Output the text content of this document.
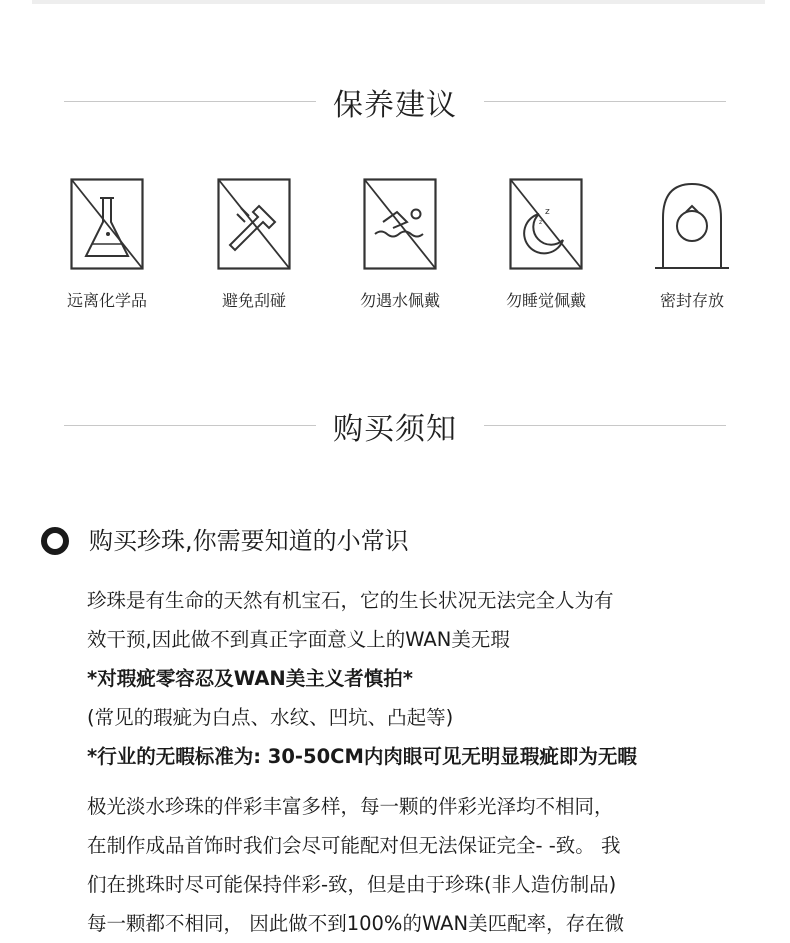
保养建议
远离化学品	避免刮碰	勿遇水佩戴
z
z
勿睡觉佩戴	密封存放
购买须知
购买珍珠,你需要知道的小常识
珍珠是有生命的天然有机宝石，它的生长状况无法完全人为有
效干预,因此做不到真正字面意义上的WAN美无瑕
*对瑕疵零容忍及WAN美主义者慎拍*
(常见的瑕疵为白点、水纹、凹坑、凸起等)
*行业的无暇标准为: 30-50CM内肉眼可见无明显瑕疵即为无暇
极光淡水珍珠的伴彩丰富多样，每一颗的伴彩光泽均不相同，
在制作成品首饰时我们会尽可能配对但无法保证完全- -致。 我
们在挑珠时尽可能保持伴彩-致，但是由于珍珠(非人造仿制品)
每一颗都不相同， 因此做不到100%的WAN美匹配率，存在微
